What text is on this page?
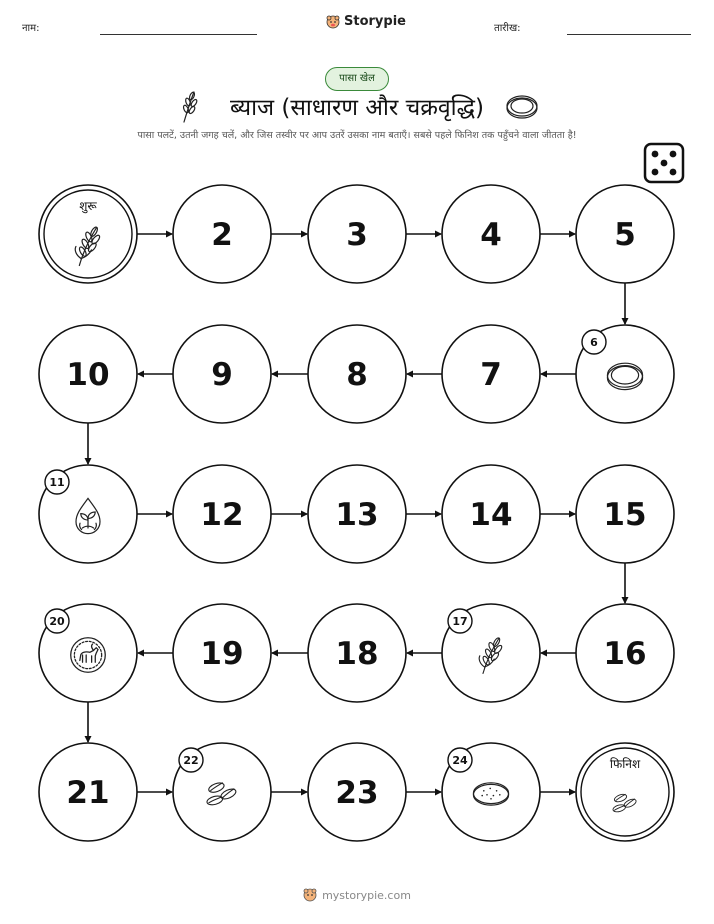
नाम:	Storypie	तारीख:
पासा खेल
ब्याज (साधारण और चक्रवृद्धि)
पासा पलटें, उतनी जगह चलें, और जिस तस्वीर पर आप उतरें उसका नाम बताएँ। सबसे पहले फिनिश तक पहुँचने वाला जीतता है!
शुरू
2	3	4	5
6
7
8
9
10
11
12	13	14	15
16
17
18
19
20
21
22
23
24	फिनिश
mystorypie.com
